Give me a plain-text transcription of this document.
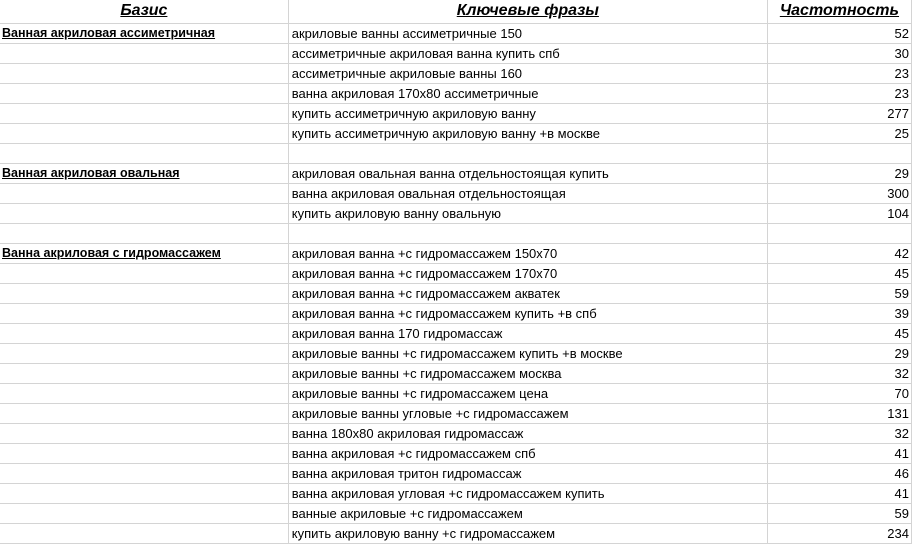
Базис	Ключевые фразы	Частотность
Ванная акриловая ассиметричная	акриловые ванны ассиметричные 150	52
	ассиметричные акриловая ванна купить спб	30
	ассиметричные акриловые ванны 160	23
	ванна акриловая 170х80 ассиметричные	23
	купить ассиметричную акриловую ванну	277
	купить ассиметричную акриловую ванну +в москве	25

Ванная акриловая овальная	акриловая овальная ванна отдельностоящая купить	29
	ванна акриловая овальная отдельностоящая	300
	купить акриловую ванну овальную	104

Ванна акриловая с гидромассажем	акриловая ванна +с гидромассажем 150х70	42
	акриловая ванна +с гидромассажем 170х70	45
	акриловая ванна +с гидромассажем акватек	59
	акриловая ванна +с гидромассажем купить +в спб	39
	акриловая ванна 170 гидромассаж	45
	акриловые ванны +с гидромассажем купить +в москве	29
	акриловые ванны +с гидромассажем москва	32
	акриловые ванны +с гидромассажем цена	70
	акриловые ванны угловые +с гидромассажем	131
	ванна 180х80 акриловая гидромассаж	32
	ванна акриловая +с гидромассажем спб	41
	ванна акриловая тритон гидромассаж	46
	ванна акриловая угловая +с гидромассажем купить	41
	ванные акриловые +с гидромассажем	59
	купить акриловую ванну +с гидромассажем	234
